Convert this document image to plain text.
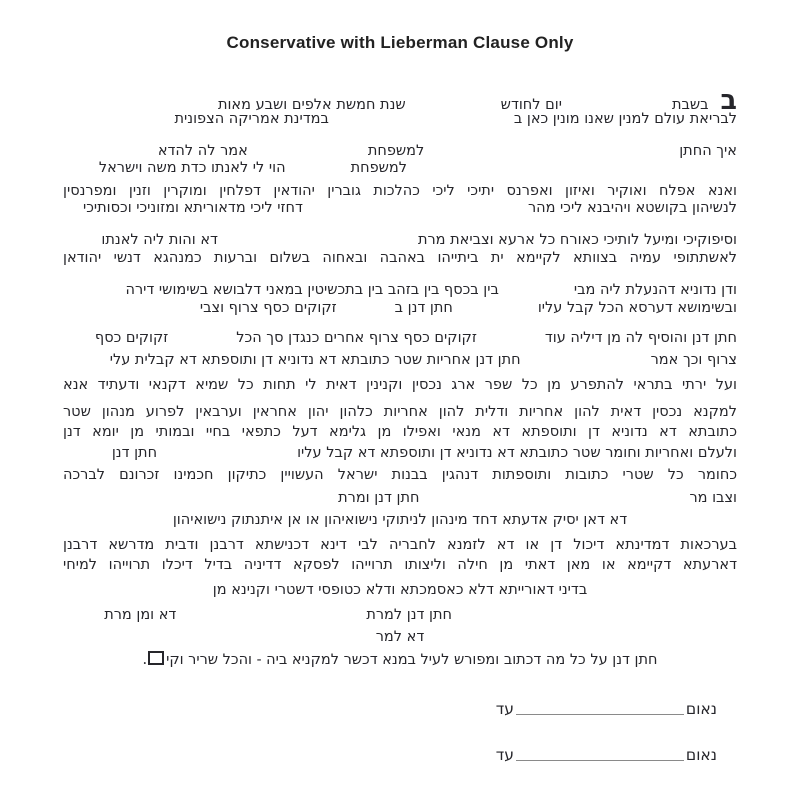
Conservative with Lieberman Clause Only
ב
בשבת
יום לחודש
שנת חמשת אלפים ושבע מאות
לבריאת עולם למנין שאנו מונין כאן ב
במדינת אמריקה הצפונית
איך החתן
למשפחת
אמר לה להדא
למשפחת
הוי לי לאנתו כדת משה וישראל
ואנא אפלח ואוקיר ואיזון ואפרנס יתיכי ליכי כהלכות גוברין יהודאין דפלחין ומוקרין וזנין ומפרנסין
לנשיהון בקושטא ויהיבנא ליכי מהר
דחזי ליכי מדאוריתא ומזוניכי וכסותיכי
וסיפוקיכי ומיעל לותיכי כאורח כל ארעא וצביאת מרת
דא והות ליה לאנתו
לאשתתופי עמיה בצוותא לקיימא ית ביתייהו באהבה ובאחוה בשלום וברעות כמנהגא דנשי יהודאן
ודן נדוניא דהנעלת ליה מבי
בין בכסף בין בזהב בין בתכשיטין במאני דלבושא בשימושי דירה
ובשימושא דערסא הכל קבל עליו
חתן דנן ב
זקוקים כסף צרוף וצבי
חתן דנן והוסיף לה מן דיליה עוד
זקוקים כסף צרוף אחרים כנגדן סך הכל
זקוקים כסף
צרוף וכך אמר
חתן דנן אחריות שטר כתובתא דא נדוניא דן ותוספתא דא קבלית עלי
ועל ירתי בתראי להתפרע מן כל שפר ארג נכסין וקנינין דאית לי תחות כל שמיא דקנאי ודעתיד אנא
למקנא נכסין דאית להון אחריות ודלית להון אחריות כלהון יהון אחראין וערבאין לפרוע מנהון שטר
כתובתא דא נדוניא דן ותוספתא דא מנאי ואפילו מן גלימא דעל כתפאי בחיי ובמותי מן יומא דנן
ולעלם ואחריות וחומר שטר כתובתא דא נדוניא דן ותוספתא דא קבל עליו
חתן דנן
כחומר כל שטרי כתובות ותוספתות דנהגין בבנות ישראל העשויין כתיקון חכמינו זכרונם לברכה
וצבו מר
חתן דנן ומרת
דא דאן יסיק אדעתא דחד מינהון לניתוקי נישואיהון או אן איתנתוק נישואיהון
בערכאות דמדינתא דיכול דן או דא לזמנא לחבריה לבי דינא דכנישתא דרבנן ודבית מדרשא דרבנן
דארעתא דקיימא או מאן דאתי מן חילה וליצותו תרוייהו לפסקא דדיניה בדיל דיכלו תרוייהו למיחי
בדיני דאורייתא דלא כאסמכתא ודלא כטופסי דשטרי וקנינא מן
חתן דנן למרת
דא ומן מרת
דא למר
חתן דנן על כל מה דכתוב ומפורש לעיל במנא דכשר למקניא ביה - והכל שריר וקי.
נאום
עד
נאום
עד
